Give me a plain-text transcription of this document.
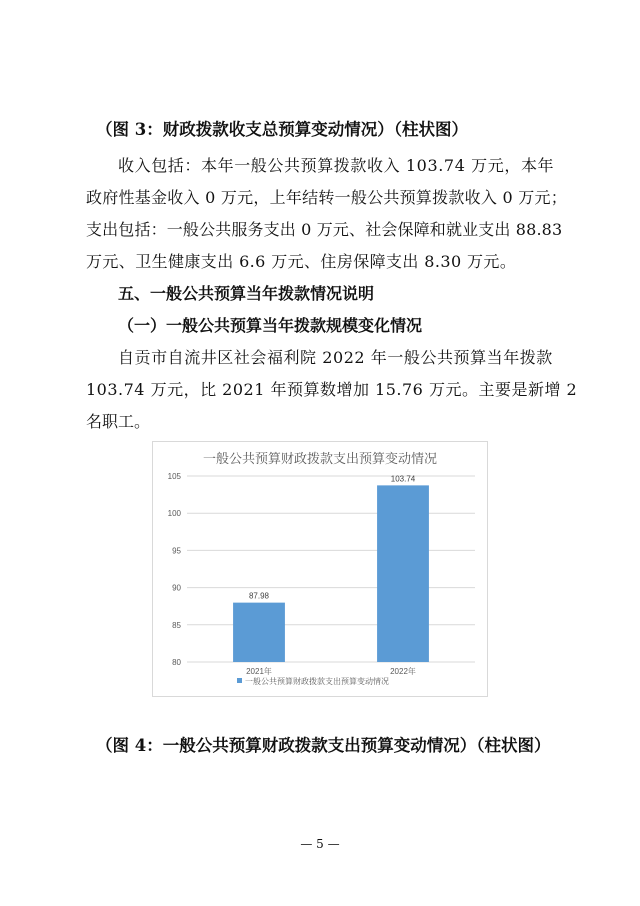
（图 3：财政拨款收支总预算变动情况）（柱状图）
收入包括：本年一般公共预算拨款收入 103.74 万元，本年
政府性基金收入 0 万元，上年结转一般公共预算拨款收入 0 万元；
支出包括：一般公共服务支出 0 万元、社会保障和就业支出 88.83
万元、卫生健康支出 6.6 万元、住房保障支出 8.30 万元。
五、一般公共预算当年拨款情况说明
（一）一般公共预算当年拨款规模变化情况
自贡市自流井区社会福利院 2022 年一般公共预算当年拨款
103.74 万元，比 2021 年预算数增加 15.76 万元。主要是新增 2
名职工。
一般公共预算财政拨款支出预算变动情况
80
85
90
95
100
105
87.98
2021年
103.74
2022年
一般公共预算财政拨款支出预算变动情况
（图 4：一般公共预算财政拨款支出预算变动情况）（柱状图）
— 5 —
